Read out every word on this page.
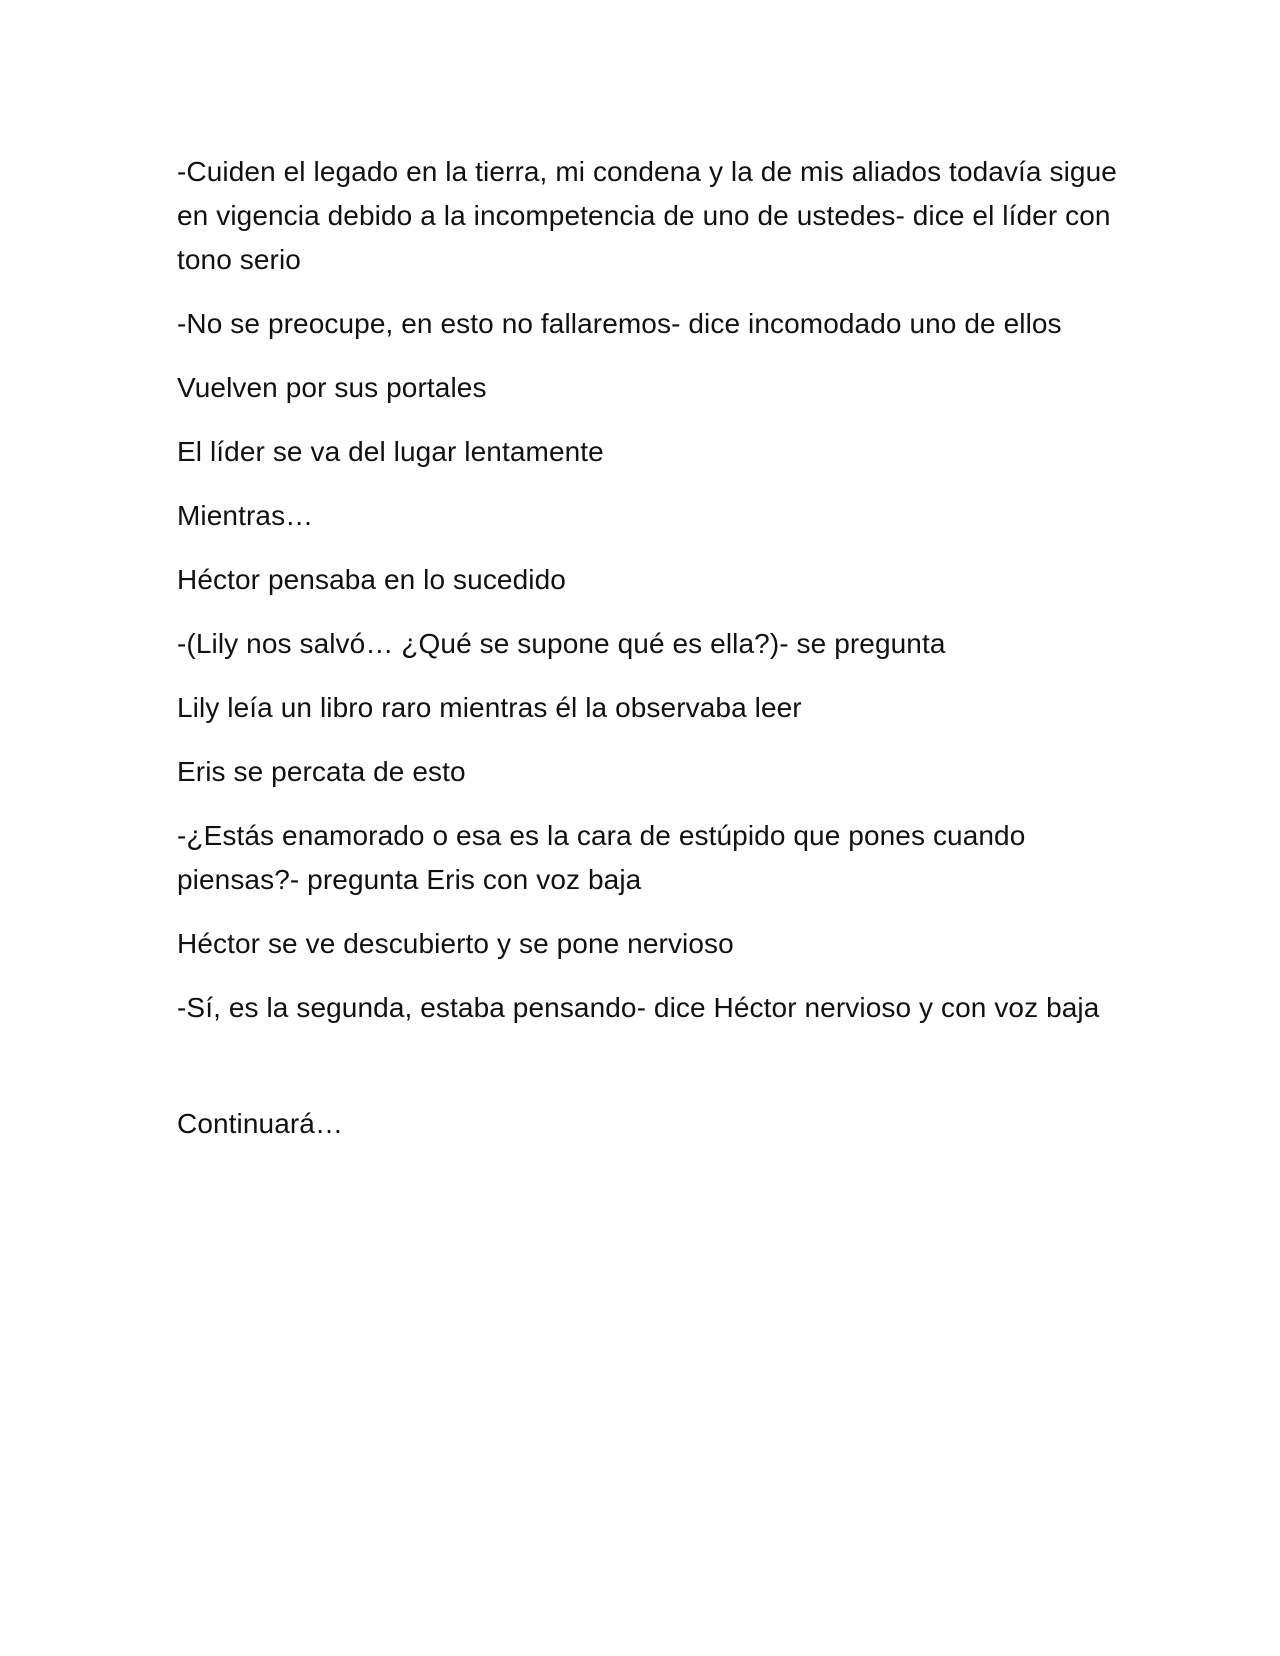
-Cuiden el legado en la tierra, mi condena y la de mis aliados todavía sigue en vigencia debido a la incompetencia de uno de ustedes- dice el líder con tono serio

-No se preocupe, en esto no fallaremos- dice incomodado uno de ellos

Vuelven por sus portales

El líder se va del lugar lentamente

Mientras…

Héctor pensaba en lo sucedido

-(Lily nos salvó… ¿Qué se supone qué es ella?)- se pregunta

Lily leía un libro raro mientras él la observaba leer

Eris se percata de esto

-¿Estás enamorado o esa es la cara de estúpido que pones cuando piensas?- pregunta Eris con voz baja

Héctor se ve descubierto y se pone nervioso

-Sí, es la segunda, estaba pensando- dice Héctor nervioso y con voz baja

Continuará…
